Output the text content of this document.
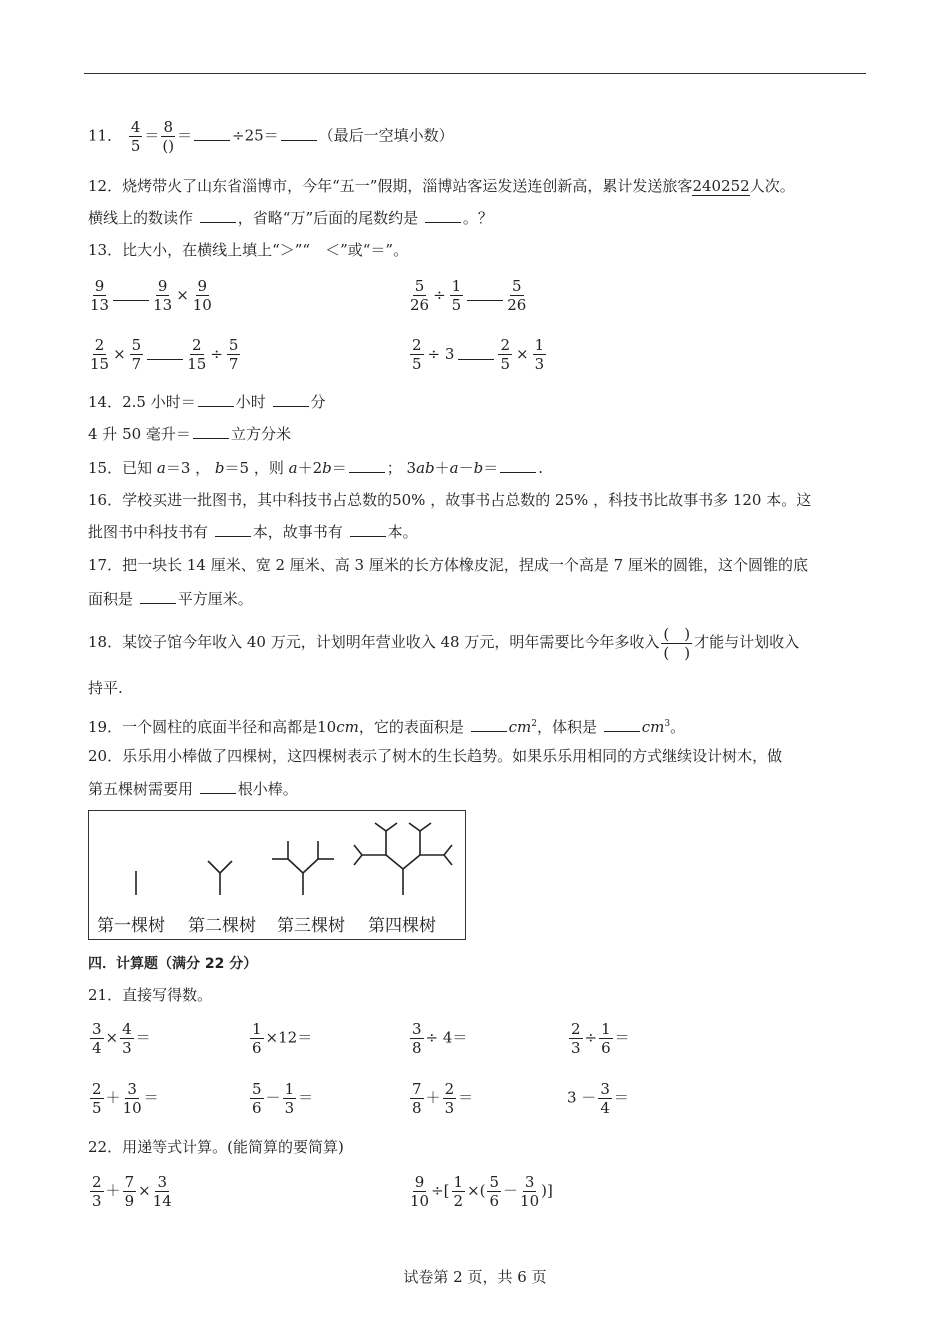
11． $\frac{4}{5} = \frac{8}{()}$ ＝	÷25＝	（最后一空填小数）
12．烧烤带火了山东省淄博市，今年“五一”假期，淄博站客运发送连创新高，累计发送旅客240252人次。
横线上的数读作	，省略“万”后面的尾数约是	。？
13．比大小，在横线上填上“＞”“　＜”或“＝”。
$\frac{9}{13}$	$\frac{9}{13} \times \frac{9}{10}$	$\frac{5}{26} \div \frac{1}{5}$	$\frac{5}{26}$
$\frac{2}{15} \times \frac{5}{7}$	$\frac{2}{15} \div \frac{5}{7}$	$\frac{2}{5} \div 3$	$\frac{2}{5} \times \frac{1}{3}$
14．2.5 小时＝	小时	分
4 升 50 毫升＝	立方分米
15．已知 a＝3 ， b＝5 ，则 a＋2b＝	； 3ab＋a－b＝	.
16．学校买进一批图书，其中科技书占总数的50% ，故事书占总数的 25% ，科技书比故事书多 120 本。这
批图书中科技书有	本，故事书有	本。
17．把一块长 14 厘米、宽 2 厘米、高 3 厘米的长方体橡皮泥，捏成一个高是 7 厘米的圆锥，这个圆锥的底
面积是	平方厘米。
18．某饺子馆今年收入 40 万元，计划明年营业收入 48 万元，明年需要比今年多收入 $\frac{( )}{( )}$ 才能与计划收入
持平.
19．一个圆柱的底面半径和高都是10cm，它的表面积是	$cm^2$，体积是	$cm^3$。
20．乐乐用小棒做了四棵树，这四棵树表示了树木的生长趋势。如果乐乐用相同的方式继续设计树木，做
第五棵树需要用	根小棒。
第一棵树 第二棵树 第三棵树 第四棵树
四．计算题（满分 22 分）
21．直接写得数。
$\frac{3}{4} \times \frac{4}{3}$ ＝	$\frac{1}{6} \times 12=$	$\frac{3}{8} \div 4=$	$\frac{2}{3} \div \frac{1}{6}$ ＝
$\frac{2}{5} + \frac{3}{10}$ ＝	$\frac{5}{6} - \frac{1}{3}$ ＝	$\frac{7}{8} + \frac{2}{3}$ ＝	$3 - \frac{3}{4}$ ＝
22．用递等式计算。(能简算的要简算)
$\frac{2}{3} + \frac{7}{9} \times \frac{3}{14}$	$\frac{9}{10}$ ÷[ $\frac{1}{2}$ ×( $\frac{5}{6} - \frac{3}{10}$ )]
试卷第 2 页，共 6 页
